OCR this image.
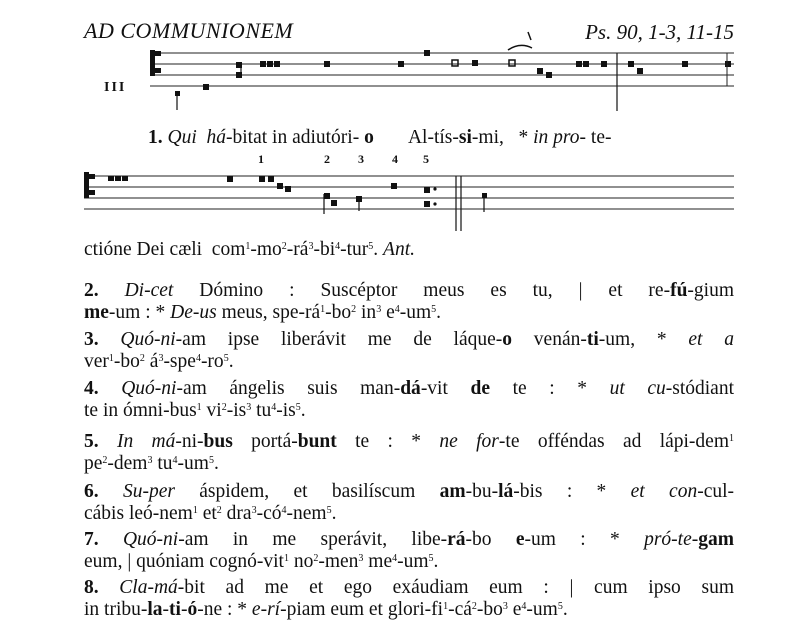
AD COMMUNIONEM	Ps. 90, 1-3, 11-15
III
1	2 3 4 5
1. Qui há-bitat in adiutóri- o       Al-tís-si-mi,   * in pro- te-
ctióne Dei cæli  $com^1-mo^2-rá^3-bi^4-tur^5$. Ant.

2. Di-cet Dómino : Suscéptor meus es tu, | et re-fú-gium

me-um : * De-us meus, spe-$rá^1-bo^2$ $in^3$ $e^4-um^5$.

3. Quó-ni-am ipse liberávit me de láque-o venán-ti-um, * et a

$ver^1-bo^2$ $á^3-spe^4-ro^5$.

4. Quó-ni-am ángelis suis man-dá-vit de te : * ut cu-stódiant

te in ómni-bus$^1$ $vi^2-is^3$ $tu^4-is^5$.

5. In má-ni-bus portá-bunt te : * ne for-te offéndas ad lápi-dem$^1$

$pe^2-dem^3$ $tu^4-um^5$.

6. Su-per áspidem, et basilíscum am-bu-lá-bis : * et con-cul-

cábis leó-nem$^1$ $et^2$ $dra^3-có^4-nem^5$.

7. Quó-ni-am in me sperávit, libe-rá-bo e-um : * pró-te-gam

eum, | quóniam cognó-vit$^1$ $no^2-men^3$ $me^4-um^5$.

8. Cla-má-bit ad me et ego exáudiam eum : | cum ipso sum

in tribu-la-ti-ó-ne : * e-rí-piam eum et glori-$fi^1-cá^2-bo^3$ $e^4-um^5$.
